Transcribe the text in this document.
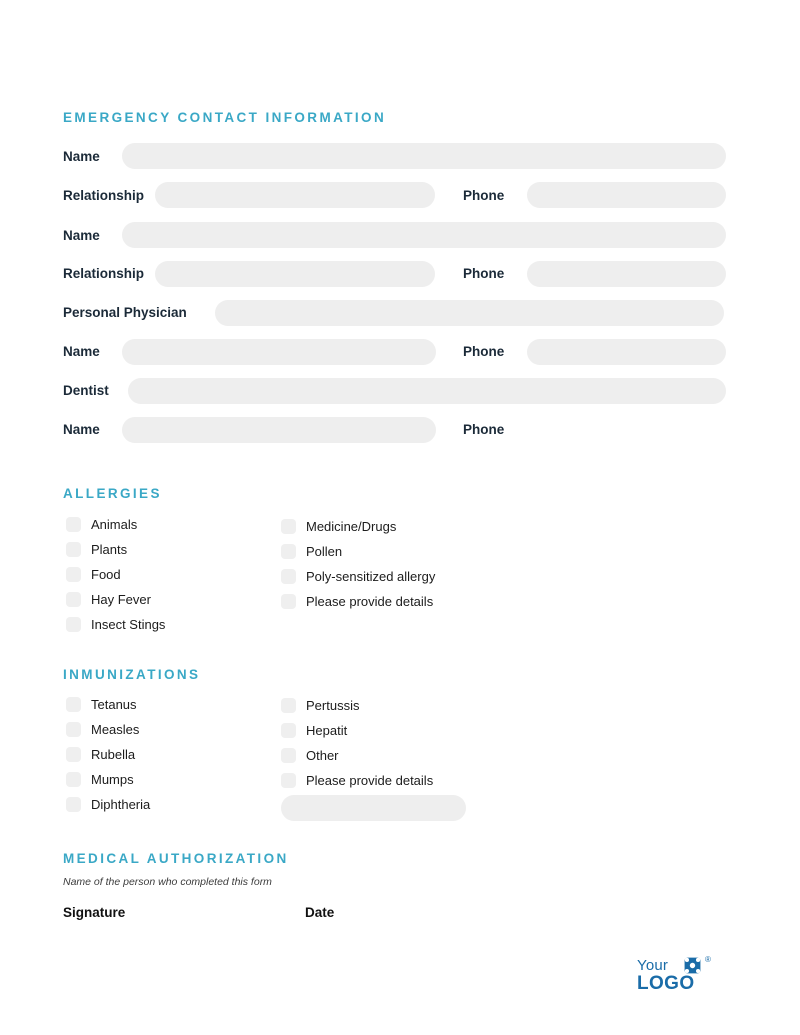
EMERGENCY CONTACT INFORMATION
Name
Relationship	Phone
Name
Relationship	Phone
Personal Physician
Name	Phone
Dentist
Name	Phone
ALLERGIES
Animals
Plants
Food
Hay Fever
Insect Stings
Medicine/Drugs
Pollen
Poly-sensitized allergy
Please provide details
INMUNIZATIONS
Tetanus
Measles
Rubella
Mumps
Diphtheria
Pertussis
Hepatit
Other
Please provide details
MEDICAL AUTHORIZATION
Name of the person who completed this form
Signature	Date
Your
LOGO
®
